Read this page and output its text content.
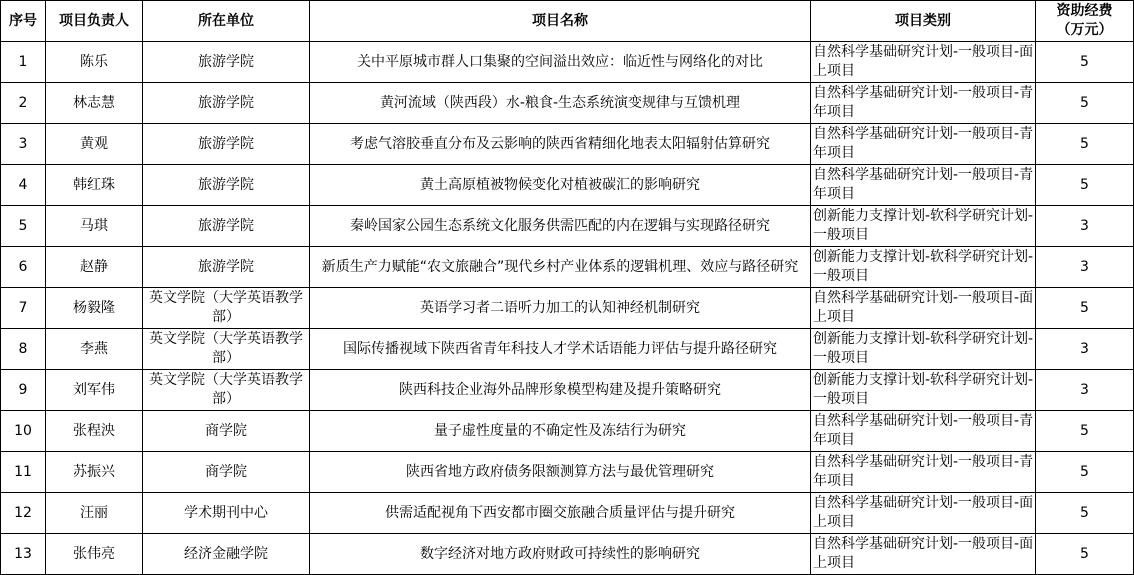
序号	项目负责人	所在单位	项目名称	项目类别	资助经费（万元）

1	陈乐	旅游学院	关中平原城市群人口集聚的空间溢出效应：临近性与网络化的对比	自然科学基础研究计划-一般项目-面上项目	5

2	林志慧	旅游学院	黄河流域（陕西段）水-粮食-生态系统演变规律与互馈机理	自然科学基础研究计划-一般项目-青年项目	5

3	黄观	旅游学院	考虑气溶胶垂直分布及云影响的陕西省精细化地表太阳辐射估算研究	自然科学基础研究计划-一般项目-青年项目	5

4	韩红珠	旅游学院	黄土高原植被物候变化对植被碳汇的影响研究	自然科学基础研究计划-一般项目-青年项目	5

5	马琪	旅游学院	秦岭国家公园生态系统文化服务供需匹配的内在逻辑与实现路径研究	创新能力支撑计划-软科学研究计划-一般项目	3

6	赵静	旅游学院	新质生产力赋能“农文旅融合”现代乡村产业体系的逻辑机理、效应与路径研究	创新能力支撑计划-软科学研究计划-一般项目	3

7	杨毅隆	英文学院（大学英语教学部）	英语学习者二语听力加工的认知神经机制研究	自然科学基础研究计划-一般项目-面上项目	5

8	李燕	英文学院（大学英语教学部）	国际传播视域下陕西省青年科技人才学术话语能力评估与提升路径研究	创新能力支撑计划-软科学研究计划-一般项目	3

9	刘军伟	英文学院（大学英语教学部）	陕西科技企业海外品牌形象模型构建及提升策略研究	创新能力支撑计划-软科学研究计划-一般项目	3

10	张程泱	商学院	量子虚性度量的不确定性及冻结行为研究	自然科学基础研究计划-一般项目-青年项目	5

11	苏振兴	商学院	陕西省地方政府债务限额测算方法与最优管理研究	自然科学基础研究计划-一般项目-青年项目	5

12	汪丽	学术期刊中心	供需适配视角下西安都市圈交旅融合质量评估与提升研究	自然科学基础研究计划-一般项目-面上项目	5

13	张伟亮	经济金融学院	数字经济对地方政府财政可持续性的影响研究	自然科学基础研究计划-一般项目-面上项目	5
